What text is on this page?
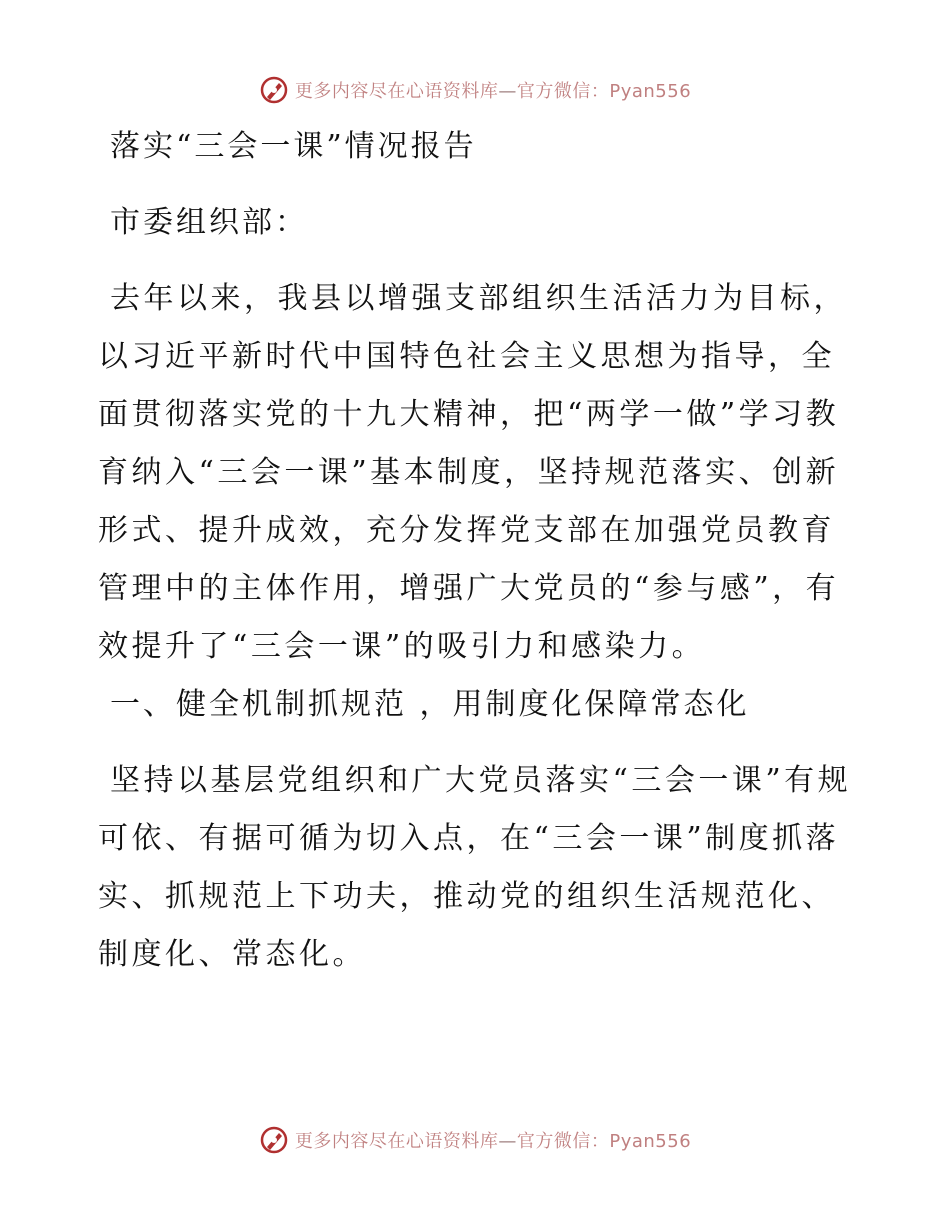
更多内容尽在心语资料库—官方微信：Pyan556

落实“三会一课”情况报告

市委组织部：

去年以来，我县以增强支部组织生活活力为目标，以习近平新时代中国特色社会主义思想为指导，全面贯彻落实党的十九大精神，把“两学一做”学习教育纳入“三会一课”基本制度，坚持规范落实、创新形式、提升成效，充分发挥党支部在加强党员教育管理中的主体作用，增强广大党员的“参与感”，有效提升了“三会一课”的吸引力和感染力。

一、健全机制抓规范 ，用制度化保障常态化

坚持以基层党组织和广大党员落实“三会一课”有规可依、有据可循为切入点，在“三会一课”制度抓落实、抓规范上下功夫，推动党的组织生活规范化、制度化、常态化。

更多内容尽在心语资料库—官方微信：Pyan556
